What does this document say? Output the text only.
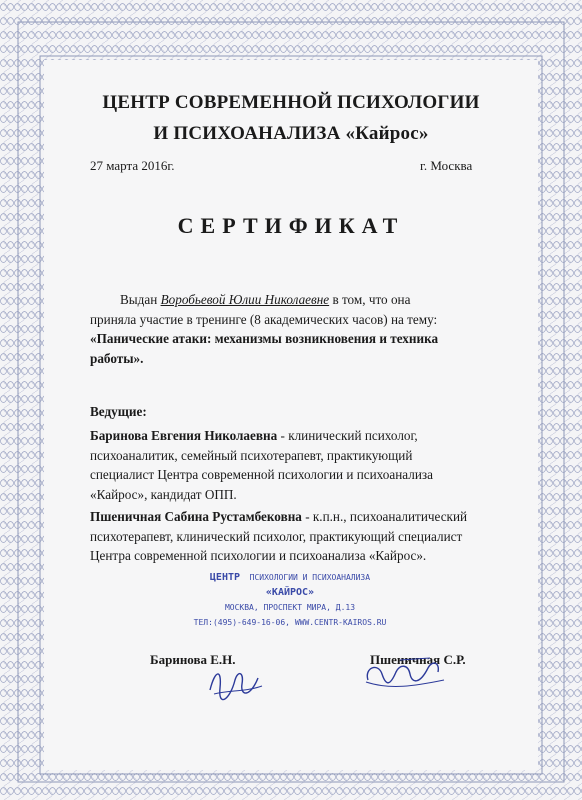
ЦЕНТР СОВРЕМЕННОЙ ПСИХОЛОГИИ
И ПСИХОАНАЛИЗА «Кайрос»
27 марта 2016г.	г. Москва
СЕРТИФИКАТ
Выдан Воробьевой Юлии Николаевне в том, что она
приняла участие в тренинге (8 академических часов) на тему:
«Панические атаки: механизмы возникновения и техника
работы».
Ведущие:
Баринова Евгения Николаевна - клинический психолог,
психоаналитик, семейный психотерапевт, практикующий
специалист Центра современной психологии и психоанализа
«Кайрос», кандидат ОПП.
Пшеничная Сабина Рустамбековна - к.п.н., психоаналитический
психотерапевт, клинический психолог, практикующий специалист
Центра современной психологии и психоанализа «Кайрос».
ЦЕНТР ПСИХОЛОГИИ И ПСИХОАНАЛИЗА
«КАЙРОС»
МОСКВА, ПРОСПЕКТ МИРА, Д.13
ТЕЛ:(495)-649-16-06, WWW.CENTR-KAIROS.RU
Баринова Е.Н.	Пшеничная С.Р.
